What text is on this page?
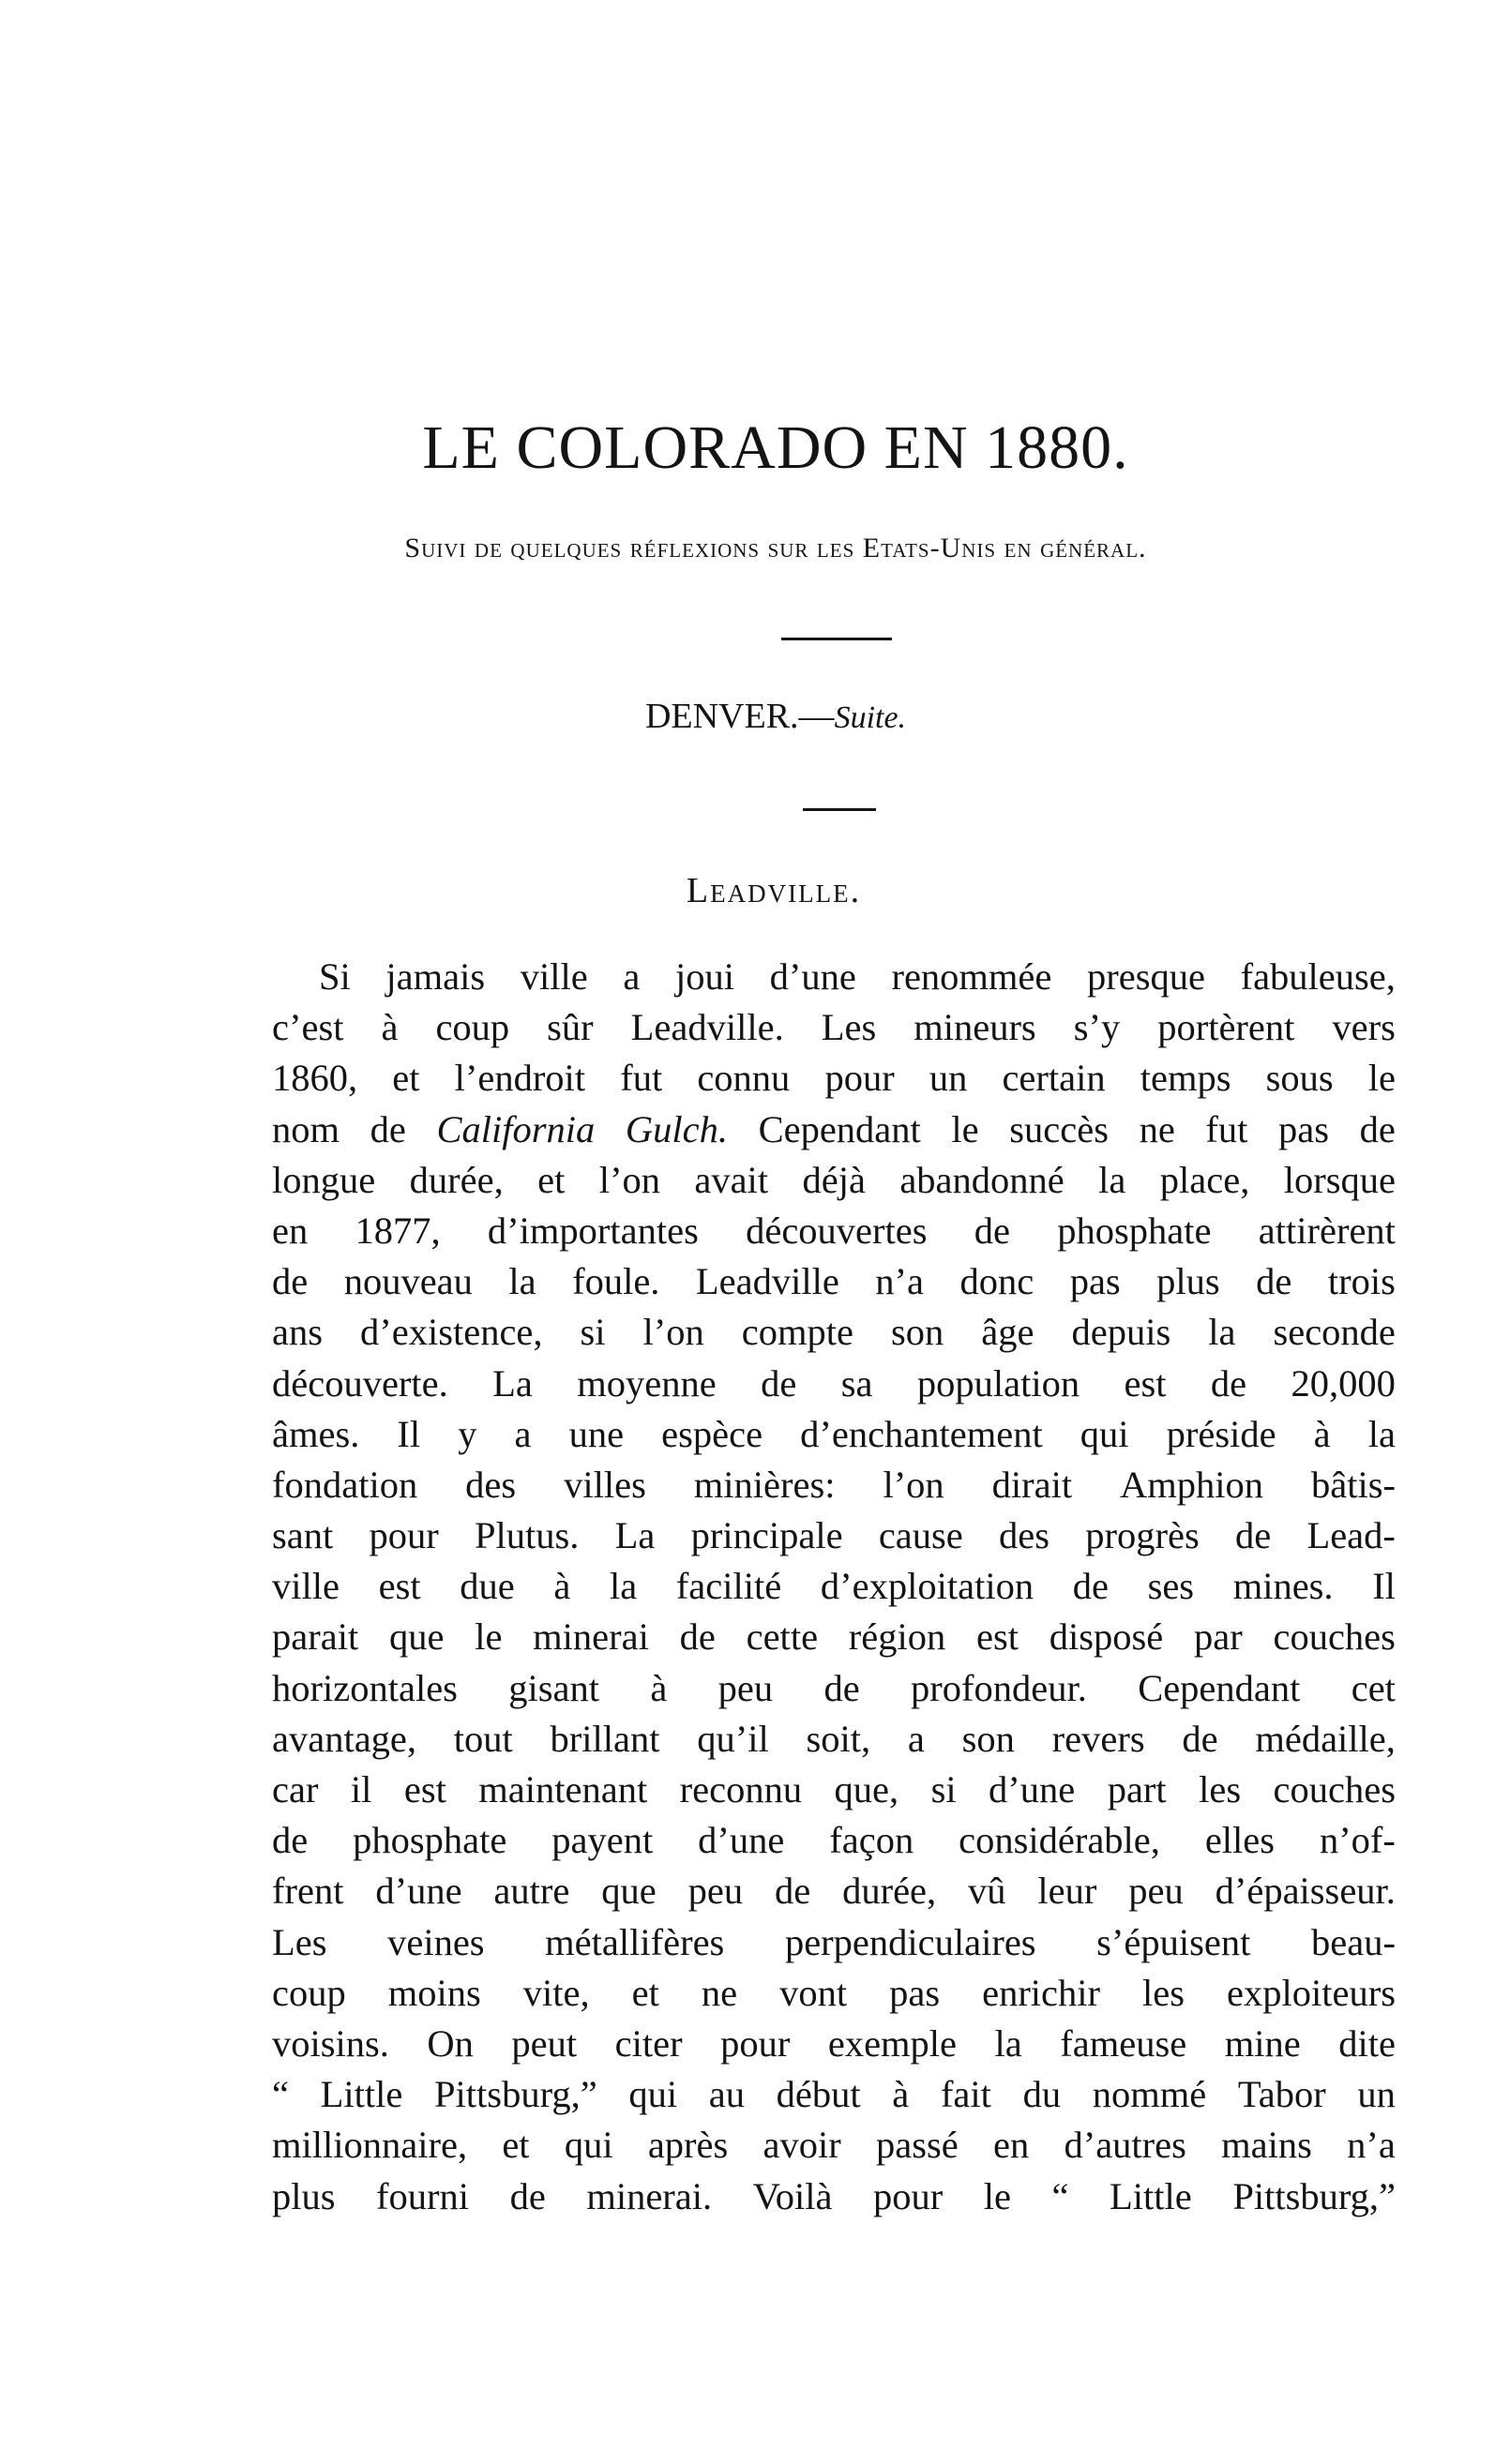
LE COLORADO EN 1880.
Suivi de quelques réflexions sur les Etats-Unis en général.
DENVER.—Suite.
Leadville.
Si jamais ville a joui d’une renommée presque fabuleuse,
c’est à coup sûr Leadville. Les mineurs s’y portèrent vers
1860, et l’endroit fut connu pour un certain temps sous le
nom de California Gulch. Cependant le succès ne fut pas de
longue durée, et l’on avait déjà abandonné la place, lorsque
en 1877, d’importantes découvertes de phosphate attirèrent
de nouveau la foule. Leadville n’a donc pas plus de trois
ans d’existence, si l’on compte son âge depuis la seconde
découverte. La moyenne de sa population est de 20,000
âmes. Il y a une espèce d’enchantement qui préside à la
fondation des villes minières: l’on dirait Amphion bâtis-
sant pour Plutus. La principale cause des progrès de Lead-
ville est due à la facilité d’exploitation de ses mines. Il
parait que le minerai de cette région est disposé par couches
horizontales gisant à peu de profondeur. Cependant cet
avantage, tout brillant qu’il soit, a son revers de médaille,
car il est maintenant reconnu que, si d’une part les couches
de phosphate payent d’une façon considérable, elles n’of-
frent d’une autre que peu de durée, vû leur peu d’épaisseur.
Les veines métallifères perpendiculaires s’épuisent beau-
coup moins vite, et ne vont pas enrichir les exploiteurs
voisins. On peut citer pour exemple la fameuse mine dite
“ Little Pittsburg,” qui au début à fait du nommé Tabor un
millionnaire, et qui après avoir passé en d’autres mains n’a
plus fourni de minerai. Voilà pour le “ Little Pittsburg,”
